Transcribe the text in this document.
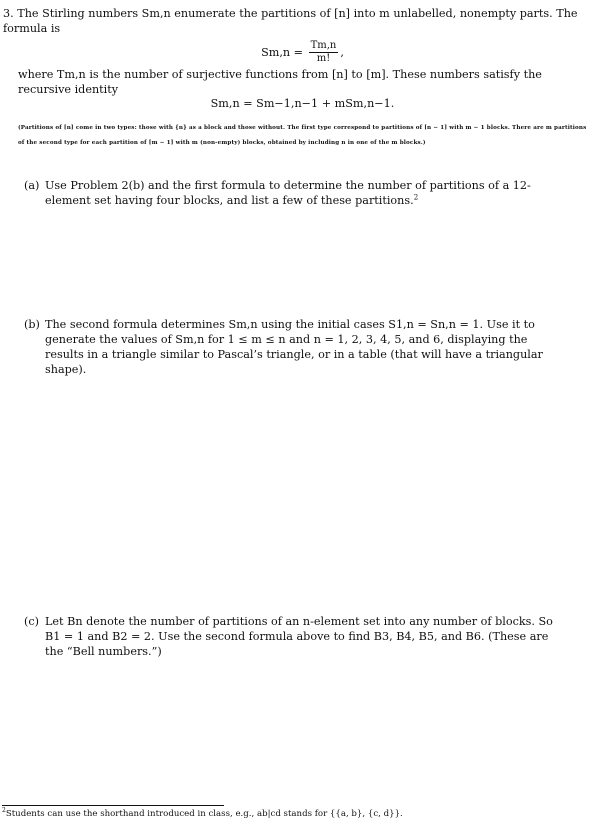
3. The Stirling numbers Sm,n enumerate the partitions of [n] into m unlabelled, nonempty parts. The formula is

$Sm,n = \frac{Tm,n}{m!}$ ,

where Tm,n is the number of surjective functions from [n] to [m]. These numbers satisfy the recursive identity

Sm,n = Sm−1,n−1 + mSm,n−1.

(Partitions of [n] come in two types: those with {n} as a block and those without. The first type correspond to partitions of [n − 1] with m − 1 blocks. There are m partitions of the second type for each partition of [m − 1] with m (non-empty) blocks, obtained by including n in one of the m blocks.)

(a) Use Problem 2(b) and the first formula to determine the number of partitions of a 12-element set having four blocks, and list a few of these partitions.$^2$
(b) The second formula determines Sm,n using the initial cases S1,n = Sn,n = 1. Use it to generate the values of Sm,n for 1 ≤ m ≤ n and n = 1, 2, 3, 4, 5, and 6, displaying the results in a triangle similar to Pascal’s triangle, or in a table (that will have a triangular shape).
(c) Let Bn denote the number of partitions of an n-element set into any number of blocks. So B1 = 1 and B2 = 2. Use the second formula above to find B3, B4, B5, and B6. (These are the “Bell numbers.”)

$^2$Students can use the shorthand introduced in class, e.g., ab|cd stands for {{a, b}, {c, d}}.
